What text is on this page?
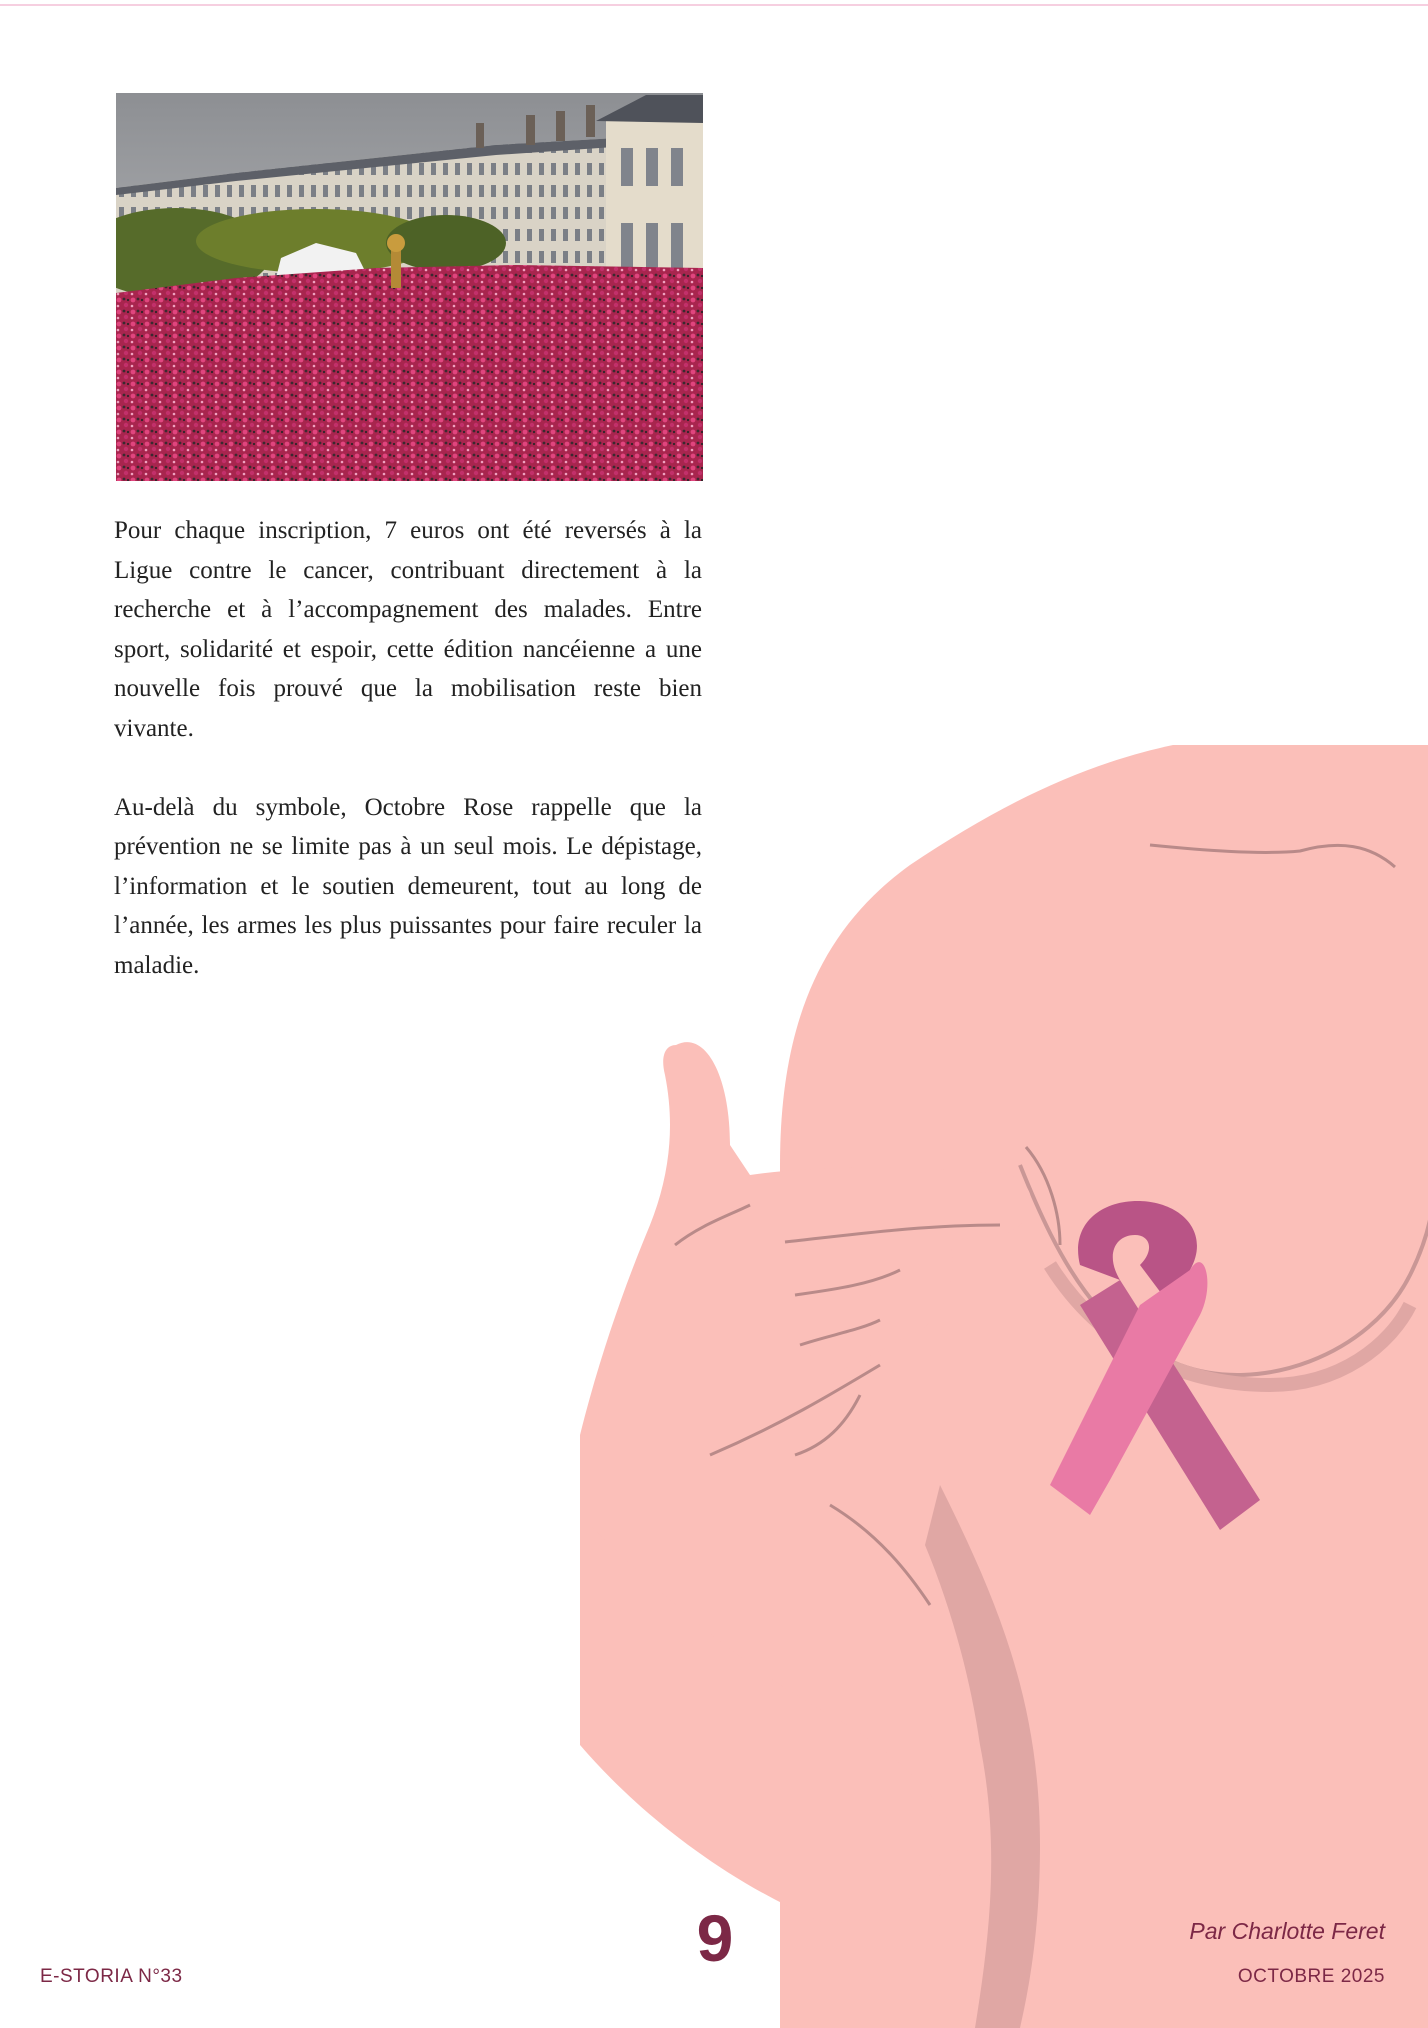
Pour chaque inscription, 7 euros ont été reversés à la Ligue contre le cancer, contribuant directement à la recherche et à l’accompagnement des malades. Entre sport, solidarité et espoir, cette édition nancéienne a une nouvelle fois prouvé que la mobilisation reste bien vivante.

Au-delà du symbole, Octobre Rose rappelle que la prévention ne se limite pas à un seul mois. Le dépistage, l’information et le soutien demeurent, tout au long de l’année, les armes les plus puissantes pour faire reculer la maladie.

E-STORIA N°33
9	Par Charlotte Feret
OCTOBRE 2025
